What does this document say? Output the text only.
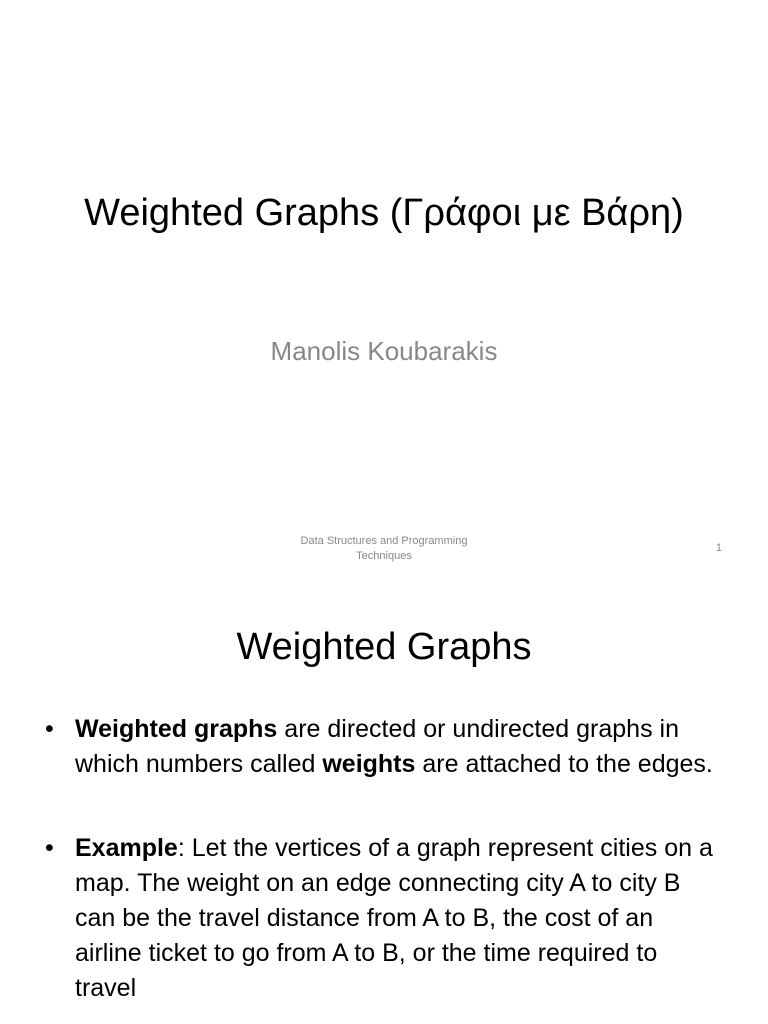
Weighted Graphs (Γράφοι με Βάρη)
Manolis Koubarakis
Data Structures and Programming Techniques
1
Weighted Graphs
• Weighted graphs are directed or undirected graphs in which numbers called weights are attached to the edges.
• Example: Let the vertices of a graph represent cities on a map. The weight on an edge connecting city A to city B can be the travel distance from A to B, the cost of an airline ticket to go from A to B, or the time required to travel
